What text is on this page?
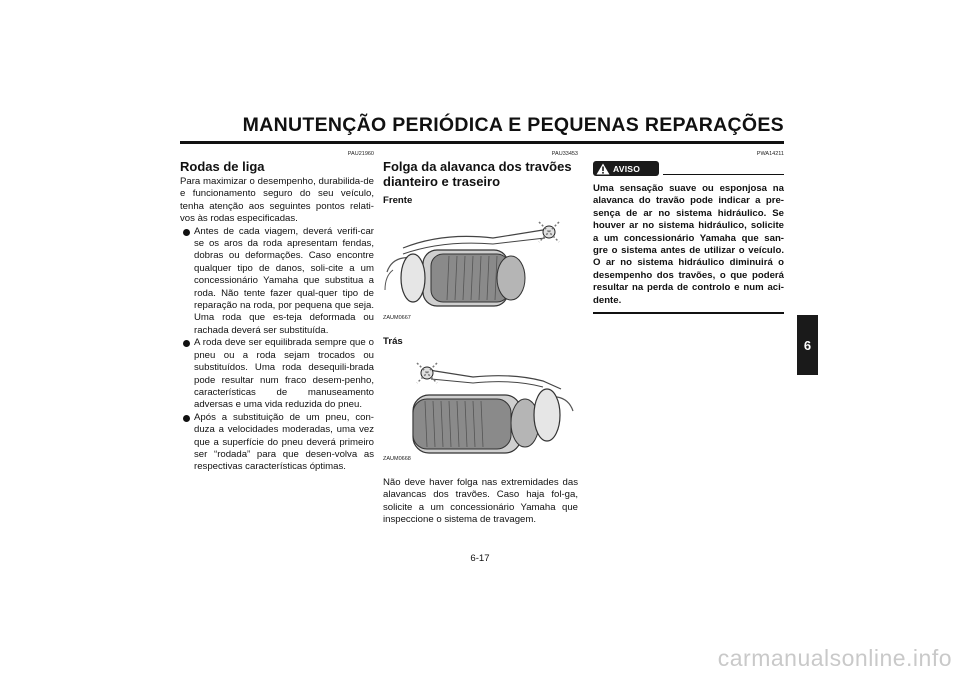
MANUTENÇÃO PERIÓDICA E PEQUENAS REPARAÇÕES
6
PAU21960
Rodas de liga

Para maximizar o desempenho, durabilida-de e funcionamento seguro do seu veículo, tenha atenção aos seguintes pontos relati-vos às rodas especificadas.

Antes de cada viagem, deverá verifi-car se os aros da roda apresentam fendas, dobras ou deformações. Caso encontre qualquer tipo de danos, soli-cite a um concessionário Yamaha que substitua a roda. Não tente fazer qual-quer tipo de reparação na roda, por pequena que seja. Uma roda que es-teja deformada ou rachada deverá ser substituída.
A roda deve ser equilibrada sempre que o pneu ou a roda sejam trocados ou substituídos. Uma roda desequili-brada pode resultar num fraco desem-penho, características de manuseamento adversas e uma vida reduzida do pneu.
Após a substituição de um pneu, con-duza a velocidades moderadas, uma vez que a superfície do pneu deverá primeiro ser “rodada” para que desen-volva as respectivas características óptimas.
PAU33453
Folga da alavanca dos travões dianteiro e traseiro
Frente
ZAUM0667
Trás
ZAUM0668

Não deve haver folga nas extremidades das alavancas dos travões. Caso haja fol-ga, solicite a um concessionário Yamaha que inspeccione o sistema de travagem.

PWA14211
AVISO

Uma sensação suave ou esponjosa na alavanca do travão pode indicar a pre-sença de ar no sistema hidráulico. Se houver ar no sistema hidráulico, solicite a um concessionário Yamaha que san-gre o sistema antes de utilizar o veículo. O ar no sistema hidráulico diminuirá o desempenho dos travões, o que poderá resultar na perda de controlo e num aci-dente.

6-17
carmanualsonline.info
